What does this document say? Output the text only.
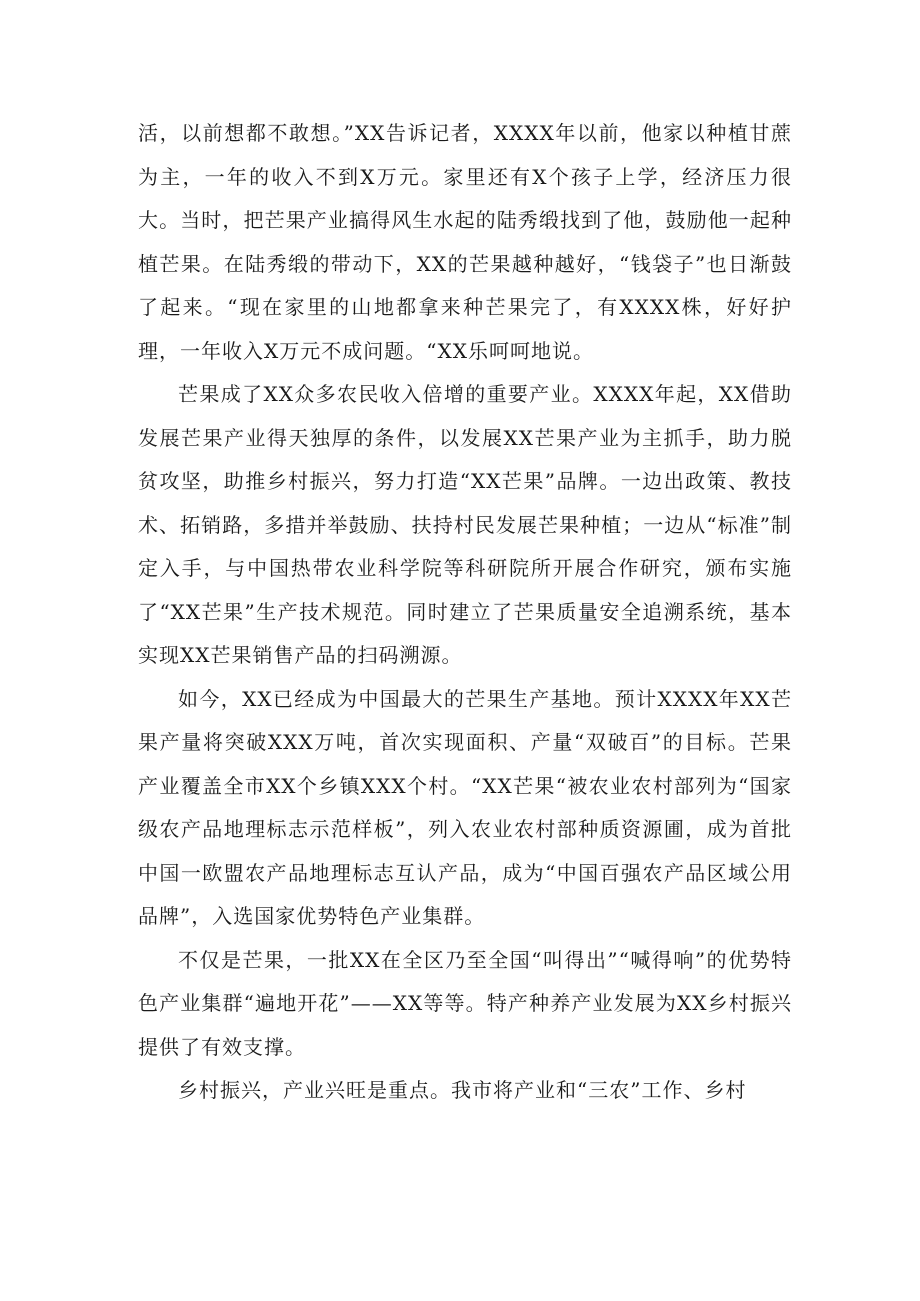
活，以前想都不敢想。”XX告诉记者，XXXX年以前，他家以种植甘蔗为主，一年的收入不到X万元。家里还有X个孩子上学，经济压力很大。当时，把芒果产业搞得风生水起的陆秀缎找到了他，鼓励他一起种植芒果。在陆秀缎的带动下，XX的芒果越种越好，“钱袋子”也日渐鼓了起来。“现在家里的山地都拿来种芒果完了，有XXXX株，好好护理，一年收入X万元不成问题。“XX乐呵呵地说。

芒果成了XX众多农民收入倍增的重要产业。XXXX年起，XX借助发展芒果产业得天独厚的条件，以发展XX芒果产业为主抓手，助力脱贫攻坚，助推乡村振兴，努力打造“XX芒果”品牌。一边出政策、教技术、拓销路，多措并举鼓励、扶持村民发展芒果种植；一边从“标准”制定入手，与中国热带农业科学院等科研院所开展合作研究，颁布实施了“XX芒果”生产技术规范。同时建立了芒果质量安全追溯系统，基本实现XX芒果销售产品的扫码溯源。

如今，XX已经成为中国最大的芒果生产基地。预计XXXX年XX芒果产量将突破XXX万吨，首次实现面积、产量“双破百”的目标。芒果产业覆盖全市XX个乡镇XXX个村。“XX芒果“被农业农村部列为“国家级农产品地理标志示范样板”，列入农业农村部种质资源圃，成为首批中国一欧盟农产品地理标志互认产品，成为“中国百强农产品区域公用品牌”，入选国家优势特色产业集群。

不仅是芒果，一批XX在全区乃至全国“叫得出”“喊得响”的优势特色产业集群“遍地开花”——XX等等。特产种养产业发展为XX乡村振兴提供了有效支撑。

乡村振兴，产业兴旺是重点。我市将产业和“三农”工作、乡村
